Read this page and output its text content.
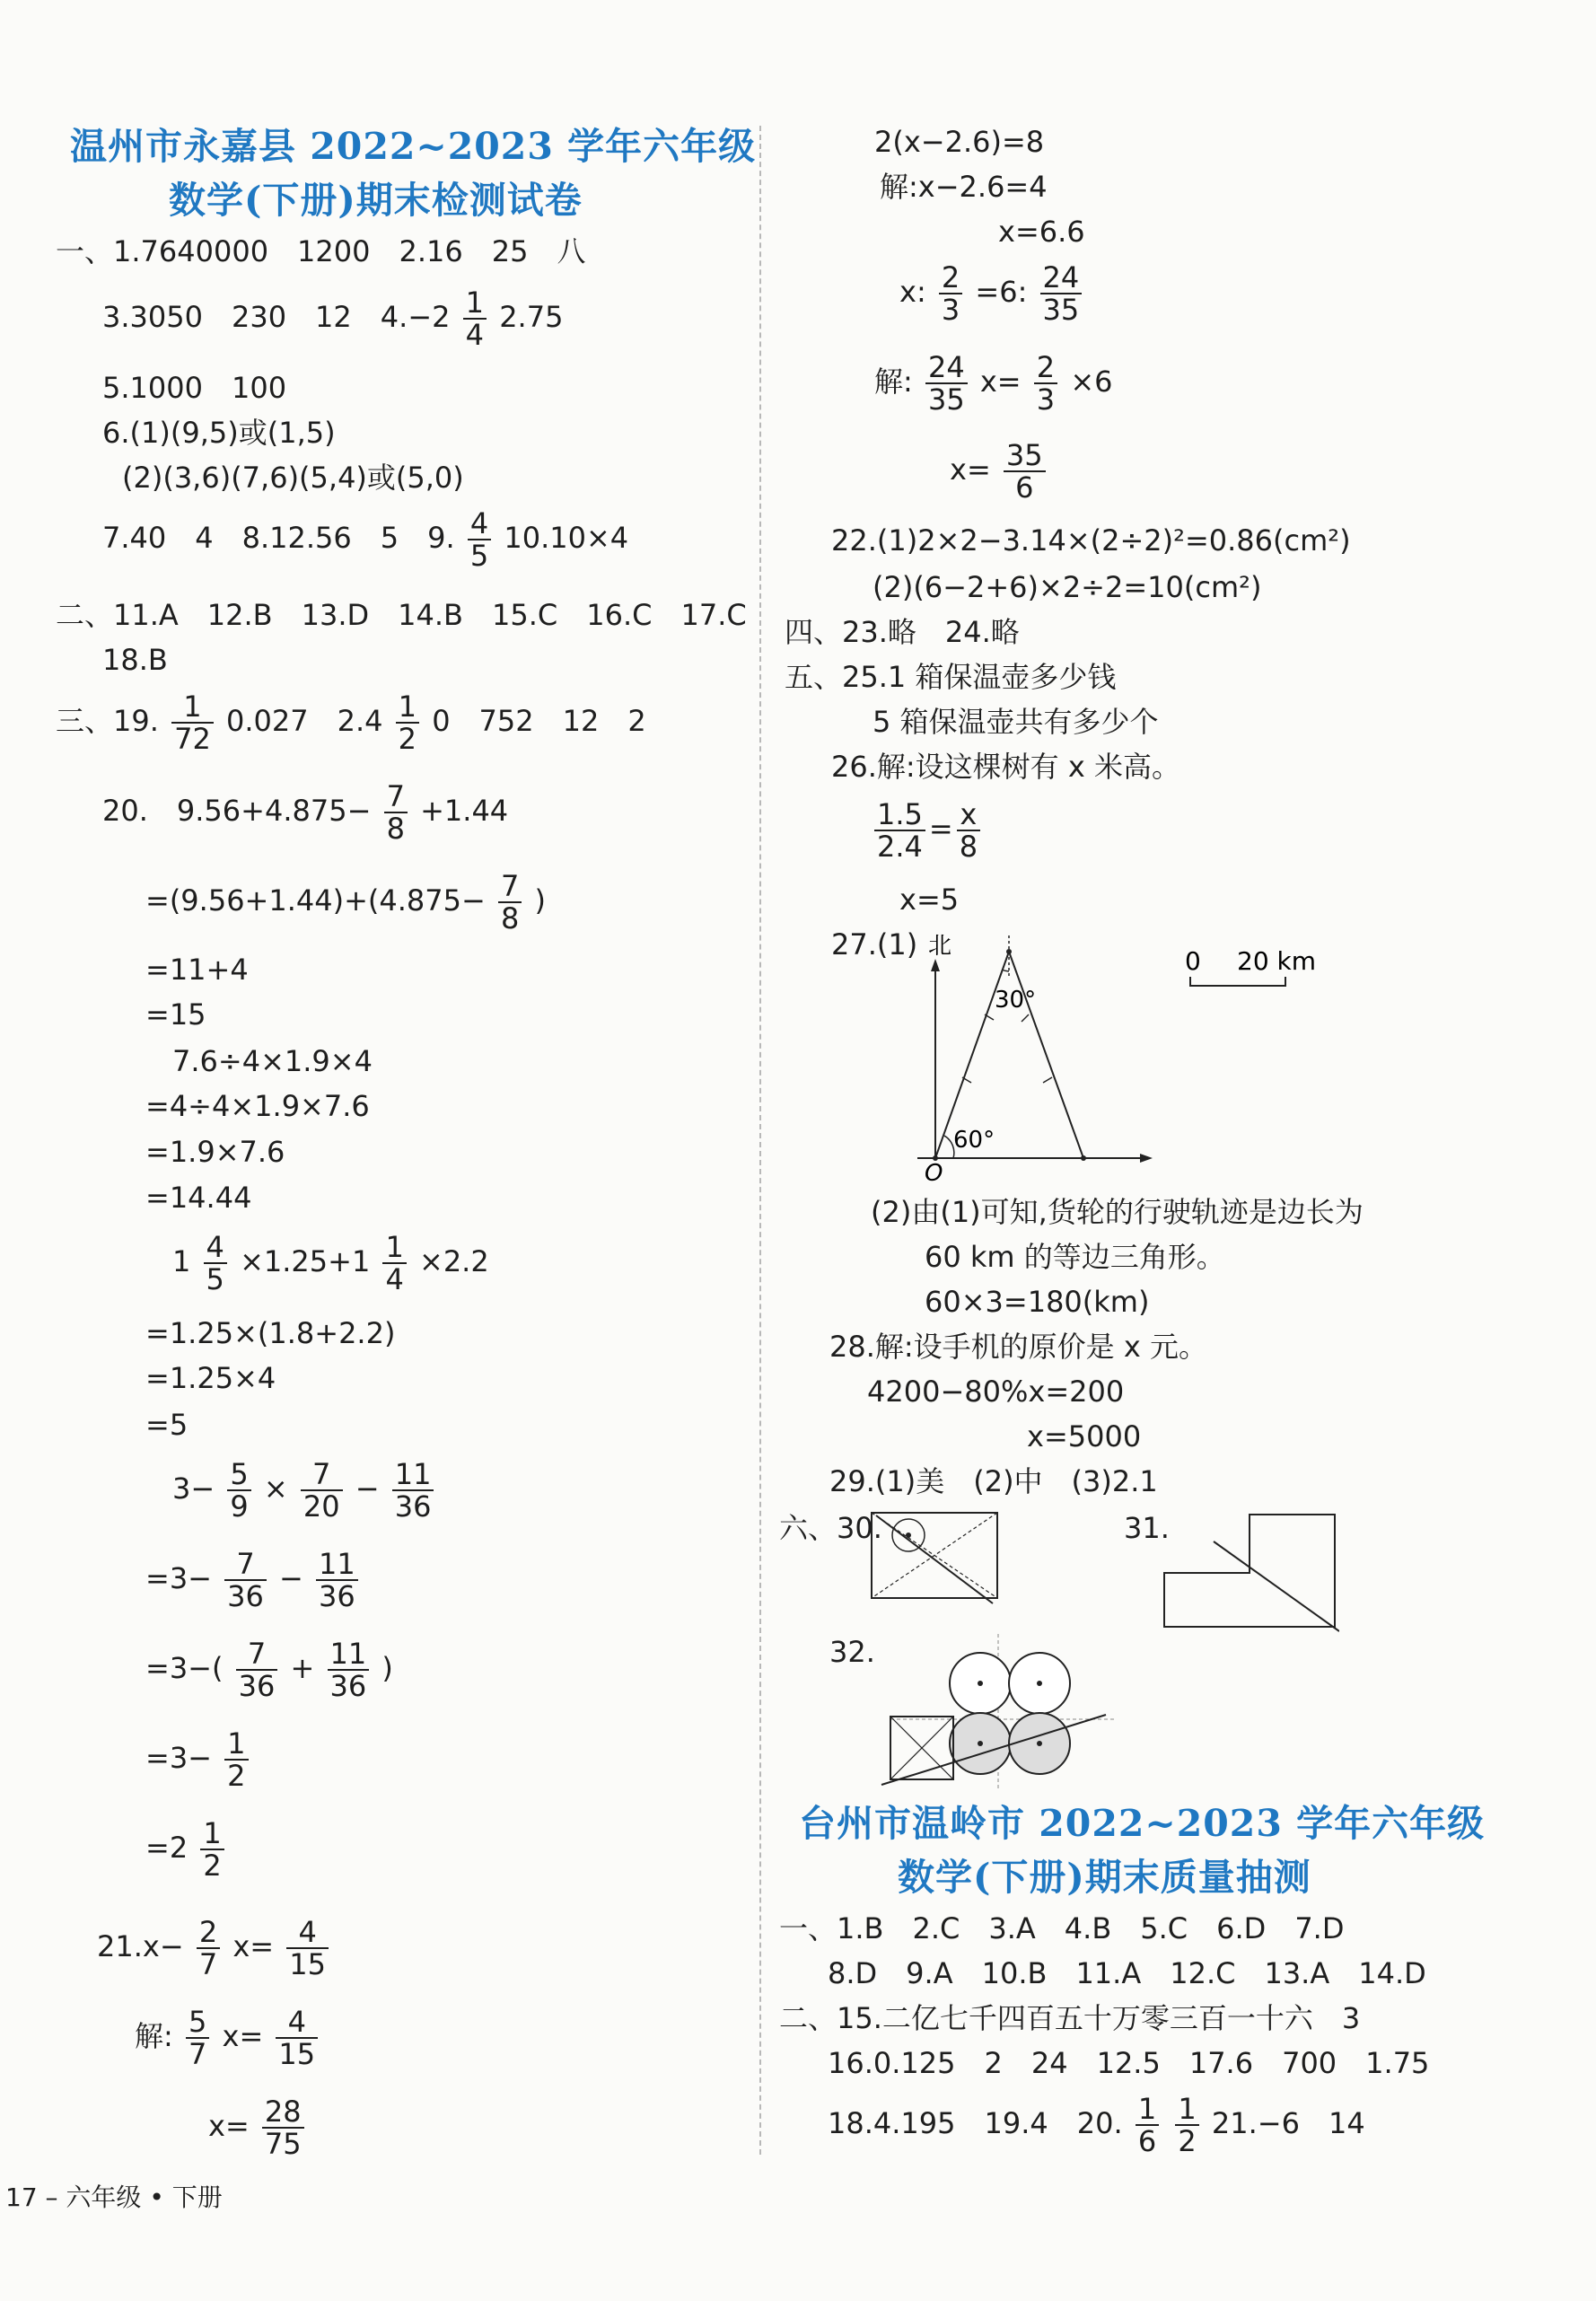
温州市永嘉县 2022~2023 学年六年级
数学(下册)期末检测试卷
一、1.7640000　1200　2.16　25　八
3.3050　230　12　$4.-2 \frac{1}{4} 2.75$
5.1000　100
6.(1)(9,5)或(1,5)
(2)(3,6)(7,6)(5,4)或(5,0)
7.40　4　8.12.56　5　9. $\frac{4}{5} 10.10\times 4$
二、11.A　12.B　13.D　14.B　15.C　16.C　17.C
18.B
三、19. $\frac{1}{72} 0.027$　$2.4 \frac{1}{2} 0$　752　12　2
20.　$9.56+4.875- \frac{7}{8} +1.44$
$=(9.56+1.44)+(4.875- \frac{7}{8}$ )
=11+4
=15
7.6÷4×1.9×4
=4÷4×1.9×7.6
=1.9×7.6
=14.44
$1 \frac{4}{5} \times 1.25+1 \frac{1}{4} \times 2.2$
=1.25×(1.8+2.2)
=1.25×4
=5
$3- \frac{5}{9} \times \frac{7}{20} - \frac{11}{36}$
$=3- \frac{7}{36} - \frac{11}{36}$
$=3-( \frac{7}{36} + \frac{11}{36}$ )
$=3- \frac{1}{2}$
$=2 \frac{1}{2}$
$21.x- \frac{2}{7} x= \frac{4}{15}$
解: $\frac{5}{7} x= \frac{4}{15}$
$x= \frac{28}{75}$
2(x−2.6)=8
解:x−2.6=4
x=6.6
x: $\frac{2}{3} =6$: $\frac{24}{35}$
解: $\frac{24}{35} x= \frac{2}{3} \times 6$
$x= \frac{35}{6}$
22.(1)2×2−3.14×(2÷2)²=0.86(cm²)
(2)(6−2+6)×2÷2=10(cm²)
四、23.略　24.略
五、25.1 箱保温壶多少钱
5 箱保温壶共有多少个
26.解:设这棵树有 x 米高。
$\frac{1.5}{2.4} = \frac{x}{8}$
x=5
27.(1) 北
30°
60°
O
0 20 km
(2)由(1)可知,货轮的行驶轨迹是边长为
60 km 的等边三角形。
60×3=180(km)
28.解:设手机的原价是 x 元。
4200−80%x=200
x=5000
29.(1)美　(2)中　(3)2.1
六、30.	31.
32.
台州市温岭市 2022~2023 学年六年级
数学(下册)期末质量抽测
一、1.B　2.C　3.A　4.B　5.C　6.D　7.D
8.D　9.A　10.B　11.A　12.C　13.A　14.D
二、15.二亿七千四百五十万零三百一十六　3
16.0.125　2　24　12.5　17.6　700　1.75
18.4.195　19.4　20. $\frac{1}{6}$
$\frac{1}{2} 21.-6$　14
17 – 六年级 • 下册
